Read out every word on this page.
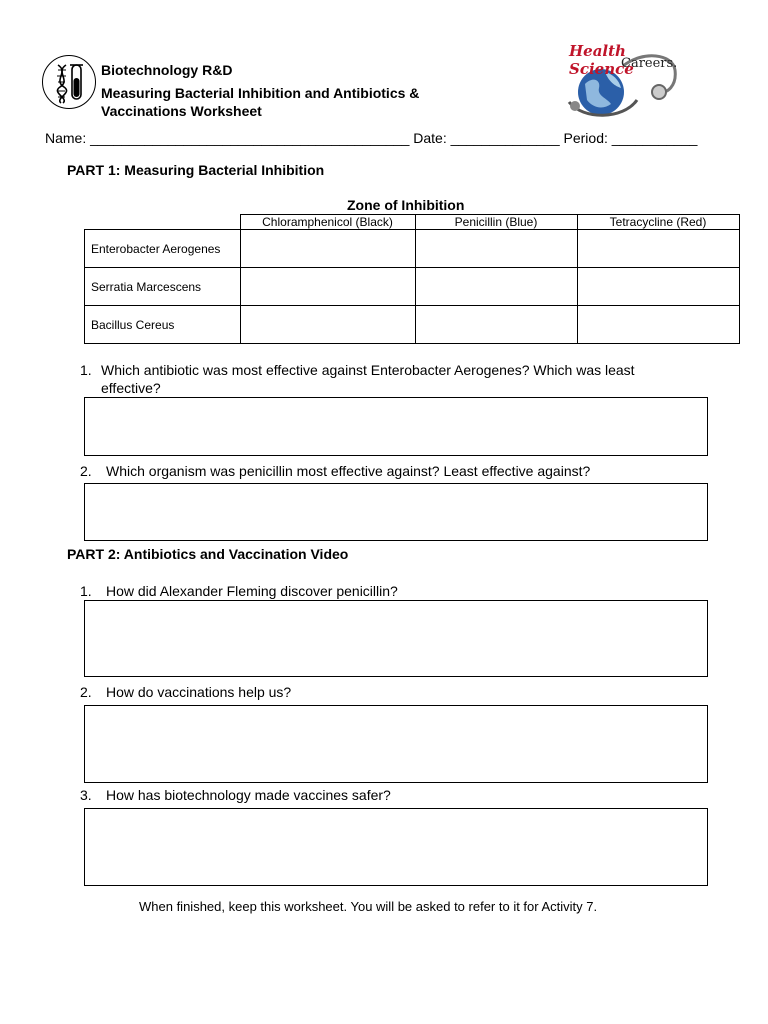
Biotechnology R&D
Measuring Bacterial Inhibition and Antibiotics &
Vaccinations Worksheet
Health Science
Careers.
Name: _________________________________________ Date: ______________ Period: ___________
PART 1: Measuring Bacterial Inhibition
Zone of Inhibition
	Chloramphenicol (Black)	Penicillin (Blue)	Tetracycline (Red)
Enterobacter Aerogenes			
Serratia Marcescens			
Bacillus Cereus			
1. Which antibiotic was most effective against Enterobacter Aerogenes? Which was least
effective?
2. Which organism was penicillin most effective against? Least effective against?
PART 2: Antibiotics and Vaccination Video
1. How did Alexander Fleming discover penicillin?
2. How do vaccinations help us?
3. How has biotechnology made vaccines safer?
When finished, keep this worksheet. You will be asked to refer to it for Activity 7.
